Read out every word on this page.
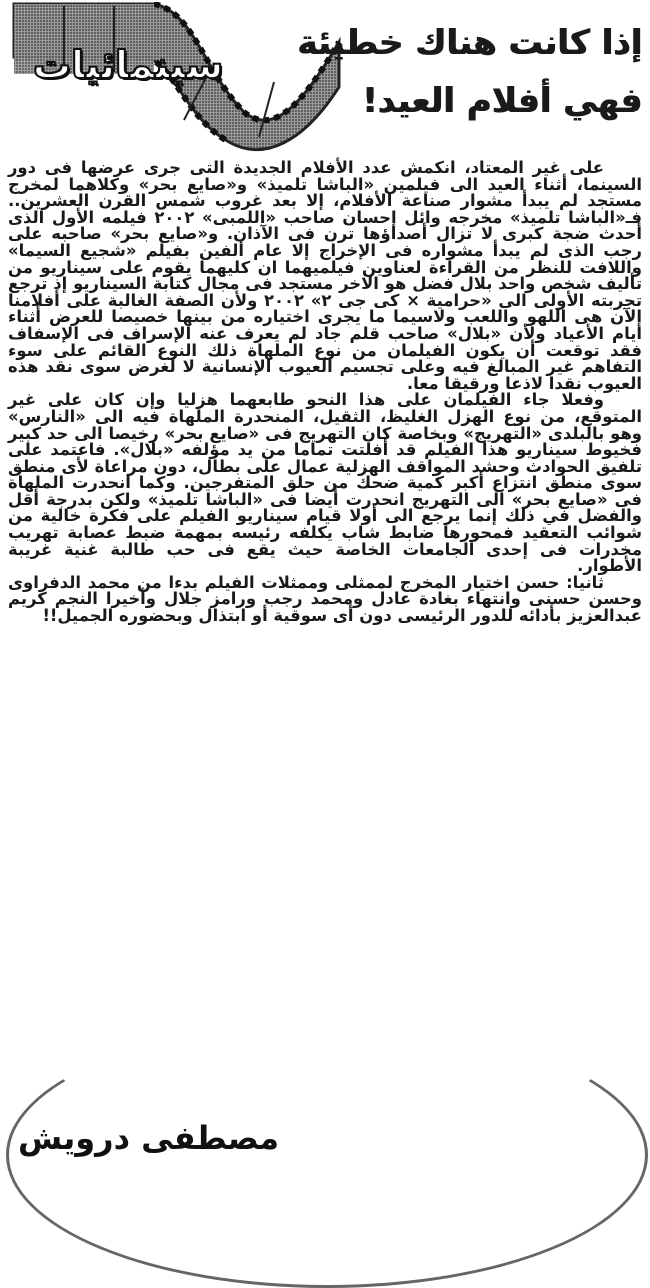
سينمائيات	إذا كانت هناك خطيئة
فهي أفلام العيد!

على غير المعتاد، انكمش عدد الأفلام الجديدة التى جرى عرضها فى دور السينما، أثناء العيد الى فيلمين «الباشا تلميذ» و«صايع بحر» وكلاهما لمخرج مستجد لم يبدأ مشوار صناعة الأفلام، إلا بعد غروب شمس القرن العشرين.. فـ«الباشا تلميذ» مخرجه وائل إحسان صاحب «اللمبى» ٢٠٠٢ فيلمه الأول الذى أحدث ضجة كبرى لا تزال أصداؤها ترن فى الآذان. و«صايع بحر» صاحبه على رجب الذى لم يبدأ مشواره فى الإخراج إلا عام ألفين بفيلم «شجيع السيما» واللافت للنظر من القراءة لعناوين فيلميهما ان كليهما يقوم على سيناريو من تأليف شخص واحد بلال فضل هو الاخر مستجد فى مجال كتابة السيناريو إذ ترجع تجربته الأولى الى «حرامية × كى جى ٢» ٢٠٠٢ ولأن الصفة الغالبة على أفلامنا الآن هى اللهو واللعب ولاسيما ما يجرى اختياره من بينها خصيصا للعرض أثناء أيام الأعياد ولأن «بلال» صاحب قلم جاد لم يعرف عنه الإسراف فى الإسفاف فقد توقعت أن يكون الفيلمان من نوع الملهاة ذلك النوع القائم على سوء التفاهم غير المبالغ فيه وعلى تجسيم العيوب الإنسانية لا لغرض سوى نقد هذه العيوب نقدا لاذعا ورقيقا معا.

وفعلا جاء الفيلمان على هذا النحو طابعهما هزليا وإن كان على غير المتوقع، من نوع الهزل الغليظ، الثقيل، المنحدرة الملهاة فيه الى «النارس» وهو بالبلدى «التهريج» وبخاصة كان التهريج فى «صايع بحر» رخيصا الى حد كبير فخيوط سيناريو هذا الفيلم قد أفلتت تماما من يد مؤلفه «بلال». فاعتمد على تلفيق الحوادث وحشد المواقف الهزلية عمال على بطال، دون مراعاة لأى منطق سوى منطق انتزاع أكبر كمية ضحك من حلق المتفرجين. وكما انحدرت الملهاة فى «صايع بحر» الى التهريج انحدرت أيضا فى «الباشا تلميذ» ولكن بدرجة أقل والفضل في ذلك إنما يرجع الى أولا قيام سيناريو الفيلم على فكرة خالية من شوائب التعقيد فمحورها ضابط شاب يكلفه رئيسه بمهمة ضبط عصابة تهريب مخدرات فى إحدى الجامعات الخاصة حيث يقع فى حب طالبة غنية غريبة الأطوار.

ثانيا: حسن اختيار المخرج لممثلى وممثلات الفيلم بدءا من محمد الدفراوى وحسن حسنى وانتهاء بغادة عادل ومحمد رجب ورامز جلال وأخيرا النجم كريم عبدالعزيز بأدائه للدور الرئيسى دون أى سوقية أو ابتذال وبحضوره الجميل!!

مصطفى درويش
